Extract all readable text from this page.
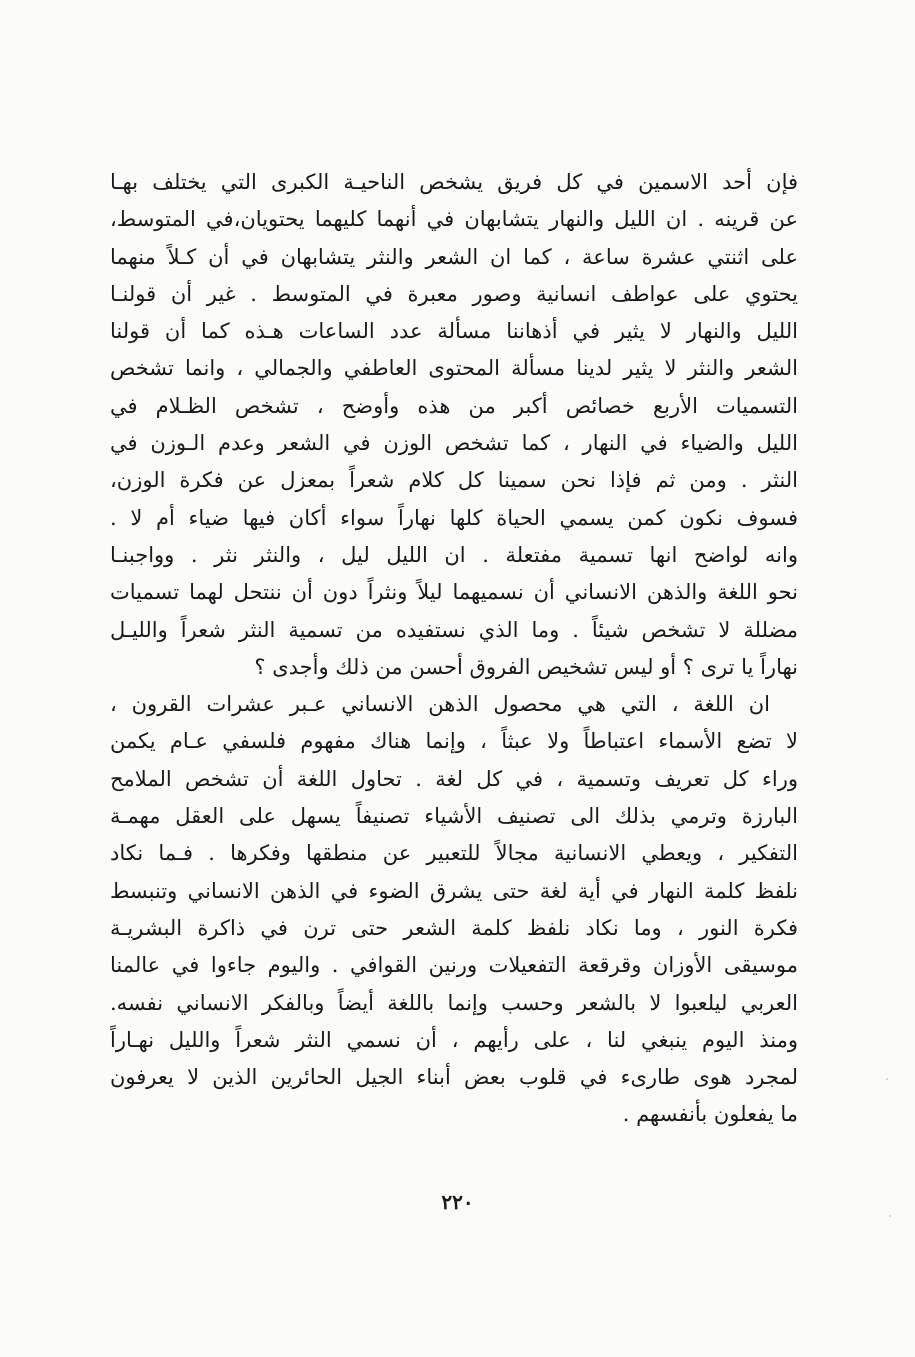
فإن أحد الاسمين في كل فريق يشخص الناحيـة الكبرى التي يختلف بهـا
عن قرينه . ان الليل والنهار يتشابهان في أنهما كليهما يحتويان،في المتوسط،
على اثنتي عشرة ساعة ، كما ان الشعر والنثر يتشابهان في أن كـلاً منهما
يحتوي على عواطف انسانية وصور معبرة في المتوسط . غير أن قولنـا
الليل والنهار لا يثير في أذهاننا مسألة عدد الساعات هـذه كما أن قولنا
الشعر والنثر لا يثير لدينا مسألة المحتوى العاطفي والجمالي ، وانما تشخص
التسميات الأربع خصائص أكبر من هذه وأوضح ، تشخص الظـلام في
الليل والضياء في النهار ، كما تشخص الوزن في الشعر وعدم الـوزن في
النثر . ومن ثم فإذا نحن سمينا كل كلام شعراً بمعزل عن فكرة الوزن،
فسوف نكون كمن يسمي الحياة كلها نهاراً سواء أكان فيها ضياء أم لا .
وانه لواضح انها تسمية مفتعلة . ان الليل ليل ، والنثر نثر . وواجبنـا
نحو اللغة والذهن الانساني أن نسميهما ليلاً ونثراً دون أن ننتحل لهما تسميات
مضللة لا تشخص شيئاً . وما الذي نستفيده من تسمية النثر شعراً والليـل
نهاراً يا ترى ؟ أو ليس تشخيص الفروق أحسن من ذلك وأجدى ؟
ان اللغة ، التي هي محصول الذهن الانساني عـبر عشرات القرون ،
لا تضع الأسماء اعتباطاً ولا عبثاً ، وإنما هناك مفهوم فلسفي عـام يكمن
وراء كل تعريف وتسمية ، في كل لغة . تحاول اللغة أن تشخص الملامح
البارزة وترمي بذلك الى تصنيف الأشياء تصنيفاً يسهل على العقل مهمـة
التفكير ، ويعطي الانسانية مجالاً للتعبير عن منطقها وفكرها . فـما نكاد
نلفظ كلمة النهار في أية لغة حتى يشرق الضوء في الذهن الانساني وتنبسط
فكرة النور ، وما نكاد نلفظ كلمة الشعر حتى ترن في ذاكرة البشريـة
موسيقى الأوزان وقرقعة التفعيلات ورنين القوافي . واليوم جاءوا في عالمنا
العربي ليلعبوا لا بالشعر وحسب وإنما باللغة أيضاً وبالفكر الانساني نفسه.
ومنذ اليوم ينبغي لنا ، على رأيهم ، أن نسمي النثر شعراً والليل نهـاراً
لمجرد هوى طارىء في قلوب بعض أبناء الجيل الحائرين الذين لا يعرفون
ما يفعلون بأنفسهم .
٢٢٠
